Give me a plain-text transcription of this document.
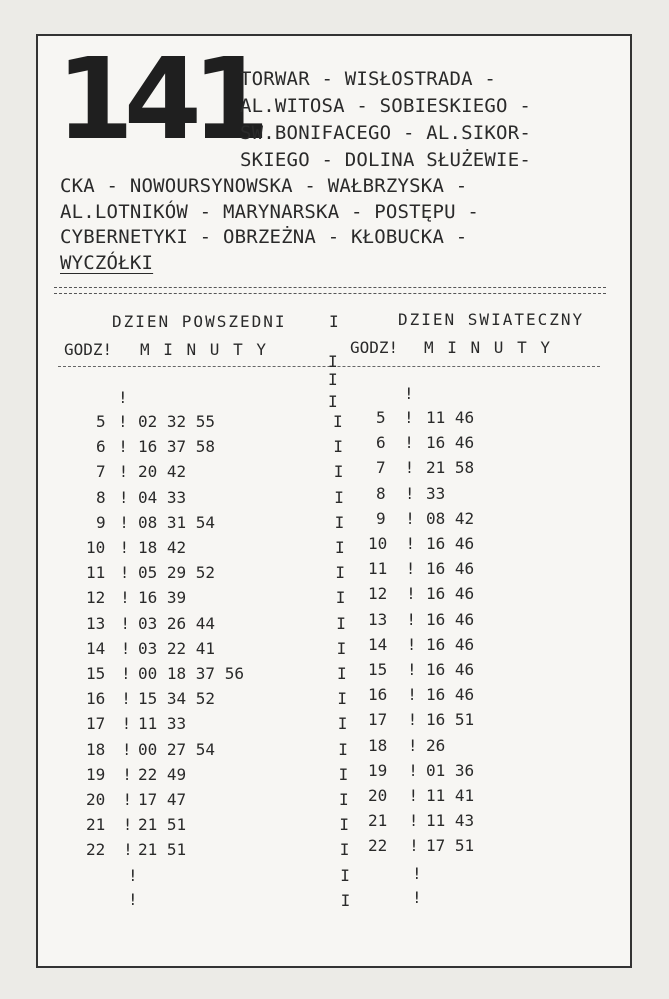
141
TORWAR - WISŁOSTRADA -
AL.WITOSA - SOBIESKIEGO -
SW.BONIFACEGO - AL.SIKOR-
SKIEGO - DOLINA SŁUŻEWIE-
CKA - NOWOURSYNOWSKA - WAŁBRZYSKA -
AL.LOTNIKÓW - MARYNARSKA - POSTĘPU -
CYBERNETYKI - OBRZEŻNA - KŁOBUCKA -
WYCZÓŁKI
DZIEN POWSZEDNI
GODZ! M I N U T Y
DZIEN SWIATECZNY
GODZ! M I N U T Y
I
I
I
I
I
I
I
I
I
I
I
I
I
I
I
I
I
I
I
I
I
I
I
I
5 ! 02 32 55
6 ! 16 37 58
7 ! 20 42
8 ! 04 33
9 ! 08 31 54
10 ! 18 42
11 ! 05 29 52
12 ! 16 39
13 ! 03 26 44
14 ! 03 22 41
15 ! 00 18 37 56
16 ! 15 34 52
17 ! 11 33
18 ! 00 27 54
19 ! 22 49
20 ! 17 47
21 ! 21 51
22 ! 21 51
!
!
!
5 ! 11 46
6 ! 16 46
7 ! 21 58
8 ! 33
9 ! 08 42
10 ! 16 46
11 ! 16 46
12 ! 16 46
13 ! 16 46
14 ! 16 46
15 ! 16 46
16 ! 16 46
17 ! 16 51
18 ! 26
19 ! 01 36
20 ! 11 41
21 ! 11 43
22 ! 17 51
!
!
!
